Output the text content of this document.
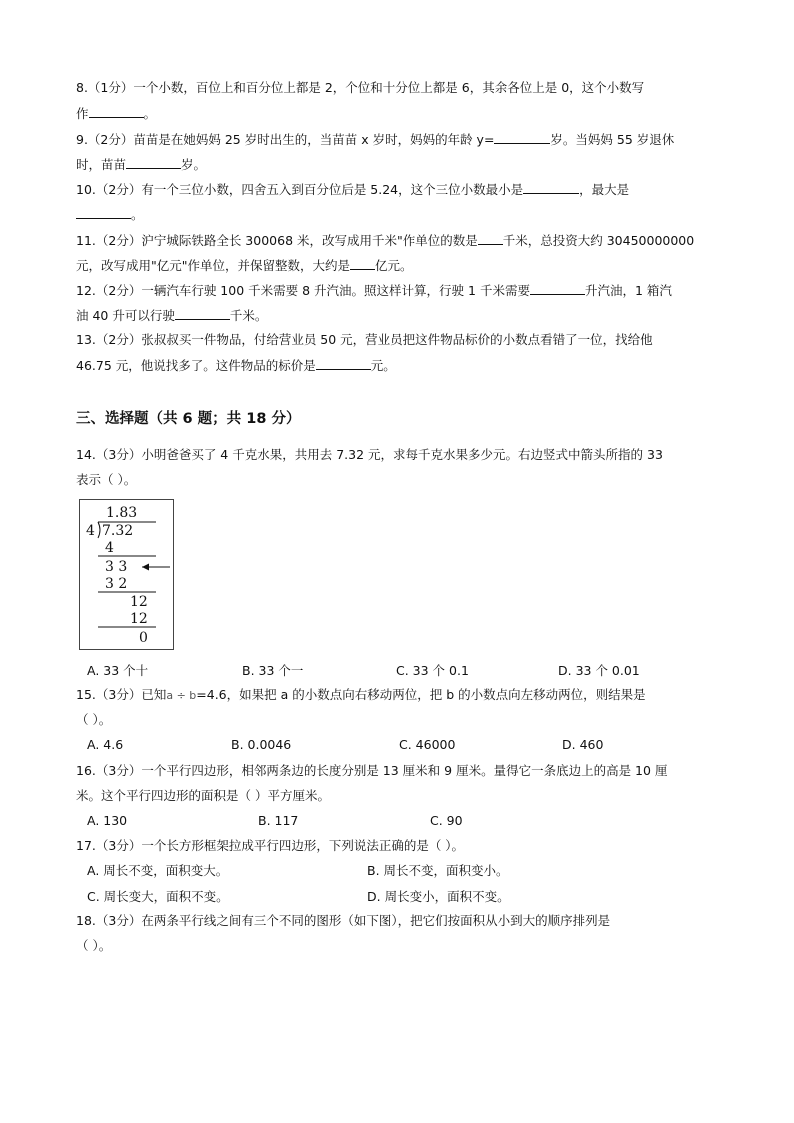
8.（1分）一个小数，百位上和百分位上都是 2，个位和十分位上都是 6，其余各位上是 0，这个小数写
作	。
9.（2分）苗苗是在她妈妈 25 岁时出生的，当苗苗 x 岁时，妈妈的年龄 y=	岁。当妈妈 55 岁退休
时，苗苗	岁。
10.（2分）有一个三位小数，四舍五入到百分位后是 5.24，这个三位小数最小是	，最大是
。
11.（2分）沪宁城际铁路全长 300068 米，改写成用千米"作单位的数是 千米，总投资大约 30450000000
元，改写成用"亿元"作单位，并保留整数，大约是 亿元。
12.（2分）一辆汽车行驶 100 千米需要 8 升汽油。照这样计算，行驶 1 千米需要	升汽油，1 箱汽
油 40 升可以行驶	千米。
13.（2分）张叔叔买一件物品，付给营业员 50 元，营业员把这件物品标价的小数点看错了一位，找给他
46.75 元，他说找多了。这件物品的标价是	元。
三、选择题（共 6 题；共 18 分）
14.（3分）小明爸爸买了 4 千克水果，共用去 7.32 元，求每千克水果多少元。右边竖式中箭头所指的 33
表示（ ）。
1.83
4 7.32
4
3 3
3 2
12
12
0
A. 33 个十	B. 33 个一	C. 33 个 0.1	D. 33 个 0.01
15.（3分）已知a ÷ b=4.6，如果把 a 的小数点向右移动两位，把 b 的小数点向左移动两位，则结果是
（ ）。
A. 4.6	B. 0.0046	C. 46000	D. 460
16.（3分）一个平行四边形，相邻两条边的长度分别是 13 厘米和 9 厘米。量得它一条底边上的高是 10 厘
米。这个平行四边形的面积是（ ）平方厘米。
A. 130	B. 117	C. 90
17.（3分）一个长方形框架拉成平行四边形，下列说法正确的是（ ）。
A. 周长不变，面积变大。	B. 周长不变，面积变小。
C. 周长变大，面积不变。	D. 周长变小，面积不变。
18.（3分）在两条平行线之间有三个不同的图形（如下图），把它们按面积从小到大的顺序排列是
（ ）。
